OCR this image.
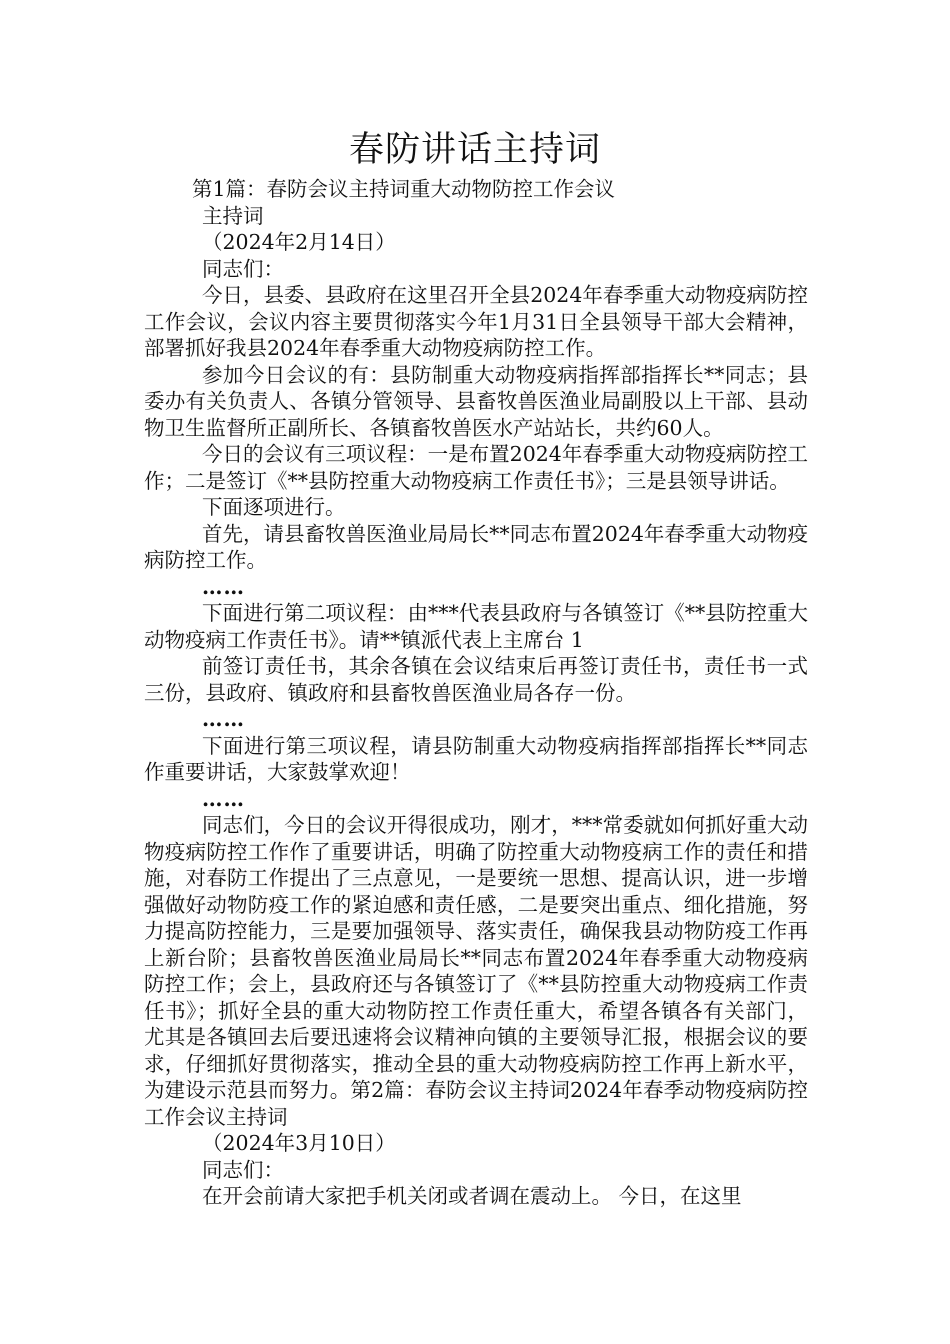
春防讲话主持词

第1篇：春防会议主持词重大动物防控工作会议

主持词

（2024年2月14日）

同志们：

今日，县委、县政府在这里召开全县2024年春季重大动物疫病防控工作会议，会议内容主要贯彻落实今年1月31日全县领导干部大会精神，部署抓好我县2024年春季重大动物疫病防控工作。

参加今日会议的有：县防制重大动物疫病指挥部指挥长**同志；县委办有关负责人、各镇分管领导、县畜牧兽医渔业局副股以上干部、县动物卫生监督所正副所长、各镇畜牧兽医水产站站长，共约60人。

今日的会议有三项议程：一是布置2024年春季重大动物疫病防控工作；二是签订《**县防控重大动物疫病工作责任书》；三是县领导讲话。

下面逐项进行。

首先，请县畜牧兽医渔业局局长**同志布置2024年春季重大动物疫病防控工作。

……

下面进行第二项议程：由***代表县政府与各镇签订《**县防控重大动物疫病工作责任书》。请**镇派代表上主席台 1

前签订责任书，其余各镇在会议结束后再签订责任书，责任书一式三份，县政府、镇政府和县畜牧兽医渔业局各存一份。

……

下面进行第三项议程，请县防制重大动物疫病指挥部指挥长**同志作重要讲话，大家鼓掌欢迎！

……

同志们，今日的会议开得很成功，刚才，***常委就如何抓好重大动物疫病防控工作作了重要讲话，明确了防控重大动物疫病工作的责任和措施，对春防工作提出了三点意见，一是要统一思想、提高认识，进一步增强做好动物防疫工作的紧迫感和责任感，二是要突出重点、细化措施，努力提高防控能力，三是要加强领导、落实责任，确保我县动物防疫工作再上新台阶；县畜牧兽医渔业局局长**同志布置2024年春季重大动物疫病防控工作；会上，县政府还与各镇签订了《**县防控重大动物疫病工作责任书》；抓好全县的重大动物防控工作责任重大，希望各镇各有关部门，尤其是各镇回去后要迅速将会议精神向镇的主要领导汇报，根据会议的要求，仔细抓好贯彻落实，推动全县的重大动物疫病防控工作再上新水平，为建设示范县而努力。第2篇：春防会议主持词2024年春季动物疫病防控工作会议主持词

（2024年3月10日）

同志们：

在开会前请大家把手机关闭或者调在震动上。 今日，在这里
